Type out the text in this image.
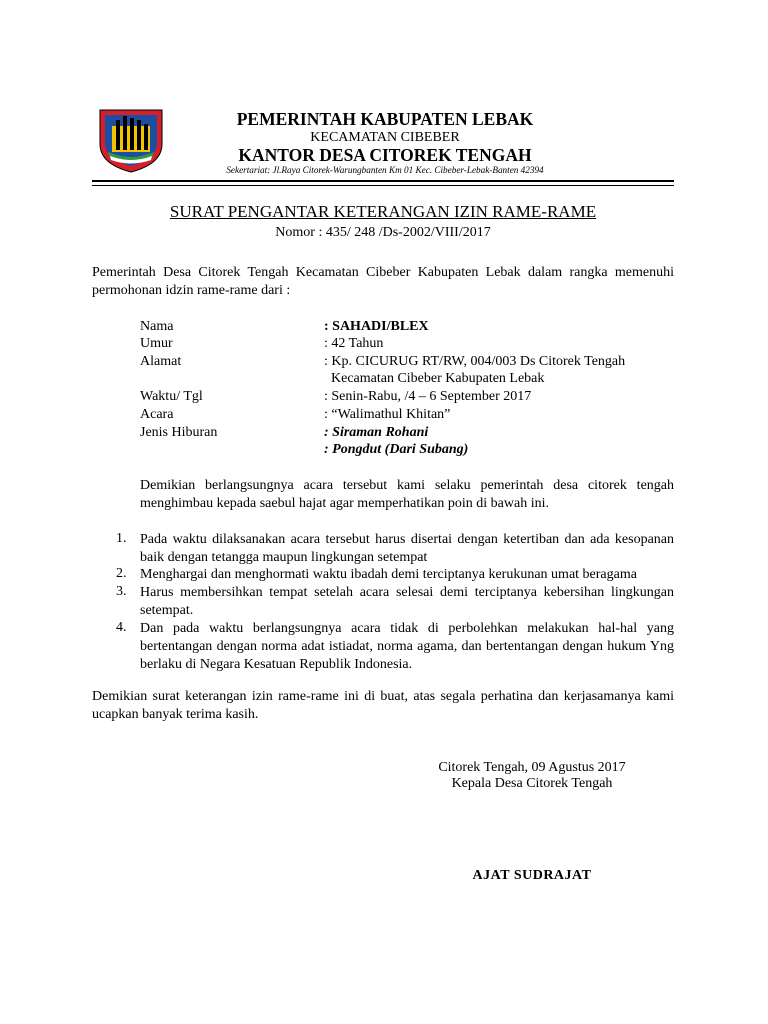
PEMERINTAH KABUPATEN LEBAK
KECAMATAN CIBEBER
KANTOR DESA CITOREK TENGAH
Sekertariat: Jl.Raya Citorek-Warungbanten Km 01 Kec. Cibeber-Lebak-Banten 42394
SURAT PENGANTAR KETERANGAN IZIN RAME-RAME
Nomor : 435/ 248 /Ds-2002/VIII/2017
Pemerintah Desa Citorek Tengah Kecamatan Cibeber Kabupaten Lebak dalam rangka memenuhi permohonan idzin rame-rame dari :
Nama	: SAHADI/BLEX
Umur	: 42 Tahun
Alamat	: Kp. CICURUG RT/RW, 004/003 Ds Citorek Tengah
Kecamatan Cibeber Kabupaten Lebak
Waktu/ Tgl	: Senin-Rabu, /4 – 6 September 2017
Acara	: “Walimathul Khitan”
Jenis Hiburan	: Siraman Rohani
: Pongdut (Dari Subang)
Demikian berlangsungnya acara tersebut kami selaku pemerintah desa citorek tengah menghimbau kepada saebul hajat agar memperhatikan poin di bawah ini.
1. Pada waktu dilaksanakan acara tersebut harus disertai dengan ketertiban dan ada kesopanan baik dengan tetangga maupun lingkungan setempat
2. Menghargai dan menghormati waktu ibadah demi terciptanya kerukunan umat beragama
3. Harus membersihkan tempat setelah acara selesai demi terciptanya kebersihan lingkungan setempat.
4. Dan pada waktu berlangsungnya acara tidak di perbolehkan melakukan hal-hal yang bertentangan dengan norma adat istiadat, norma agama, dan bertentangan dengan hukum Yng berlaku di Negara Kesatuan Republik Indonesia.
Demikian surat keterangan izin rame-rame ini di buat, atas segala perhatina dan kerjasamanya kami ucapkan banyak terima kasih.
Citorek Tengah, 09 Agustus 2017
Kepala Desa Citorek Tengah
AJAT SUDRAJAT
